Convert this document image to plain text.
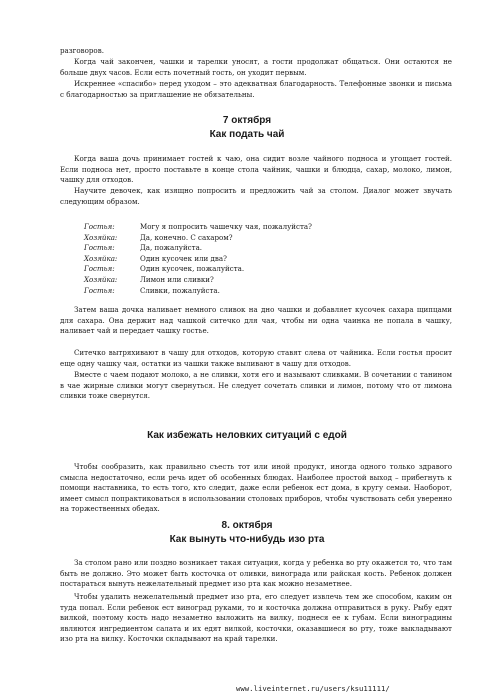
разговоров.
Когда чай закончен, чашки и тарелки уносят, а гости продолжат общаться. Они остаются не больше двух часов. Если есть почетный гость, он уходит первым.
Искреннее «спасибо» перед уходом – это адекватная благодарность. Телефонные звонки и письма с благодарностью за приглашение не обязательны.
7 октября
Как подать чай
Когда ваша дочь принимает гостей к чаю, она сидит возле чайного подноса и угощает гостей. Если подноса нет, просто поставьте в конце стола чайник, чашки и блюдца, сахар, молоко, лимон, чашку для отходов.
Научите девочек, как изящно попросить и предложить чай за столом. Диалог может звучать следующим образом.
Гостья:	Могу я попросить чашечку чая, пожалуйста?
Хозяйка:	Да, конечно. С сахаром?
Гостья:	Да, пожалуйста.
Хозяйка:	Один кусочек или два?
Гостья:	Один кусочек, пожалуйста.
Хозяйка:	Лимон или сливки?
Гостья:	Сливки, пожалуйста.
Затем ваша дочка наливает немного сливок на дно чашки и добавляет кусочек сахара щипцами для сахара. Она держит над чашкой ситечко для чая, чтобы ни одна чаинка не попала в чашку, наливает чай и передает чашку гостье.
Ситечко вытряхивают в чашу для отходов, которую ставят слева от чайника. Если гостья просит еще одну чашку чая, остатки из чашки также выливают в чашу для отходов.
Вместе с чаем подают молоко, а не сливки, хотя его и называют сливками. В сочетании с танином в чае жирные сливки могут свернуться. Не следует сочетать сливки и лимон, потому что от лимона сливки тоже свернутся.
Как избежать неловких ситуаций с едой
Чтобы сообразить, как правильно съесть тот или иной продукт, иногда одного только здравого смысла недостаточно, если речь идет об особенных блюдах. Наиболее простой выход – прибегнуть к помощи наставника, то есть того, кто следит, даже если ребенок ест дома, в кругу семьи. Наоборот, имеет смысл попрактиковаться в использовании столовых приборов, чтобы чувствовать себя уверенно на торжественных обедах.
8. октября
Как вынуть что-нибудь изо рта
За столом рано или поздно возникает такая ситуация, когда у ребенка во рту окажется то, что там быть не должно. Это может быть косточка от оливки, винограда или райская кость. Ребенок должен постараться вынуть нежелательный предмет изо рта как можно незаметнее.
Чтобы удалить нежелательный предмет изо рта, его следует извлечь тем же способом, каким он туда попал. Если ребенок ест виноград руками, то и косточка должна отправиться в руку. Рыбу едят вилкой, поэтому кость надо незаметно выложить на вилку, поднеся ее к губам. Если виноградины являются ингредиентом салата и их едят вилкой, косточки, оказавшиеся во рту, тоже выкладывают изо рта на вилку. Косточки складывают на край тарелки.
www.liveinternet.ru/users/ksu11111/
